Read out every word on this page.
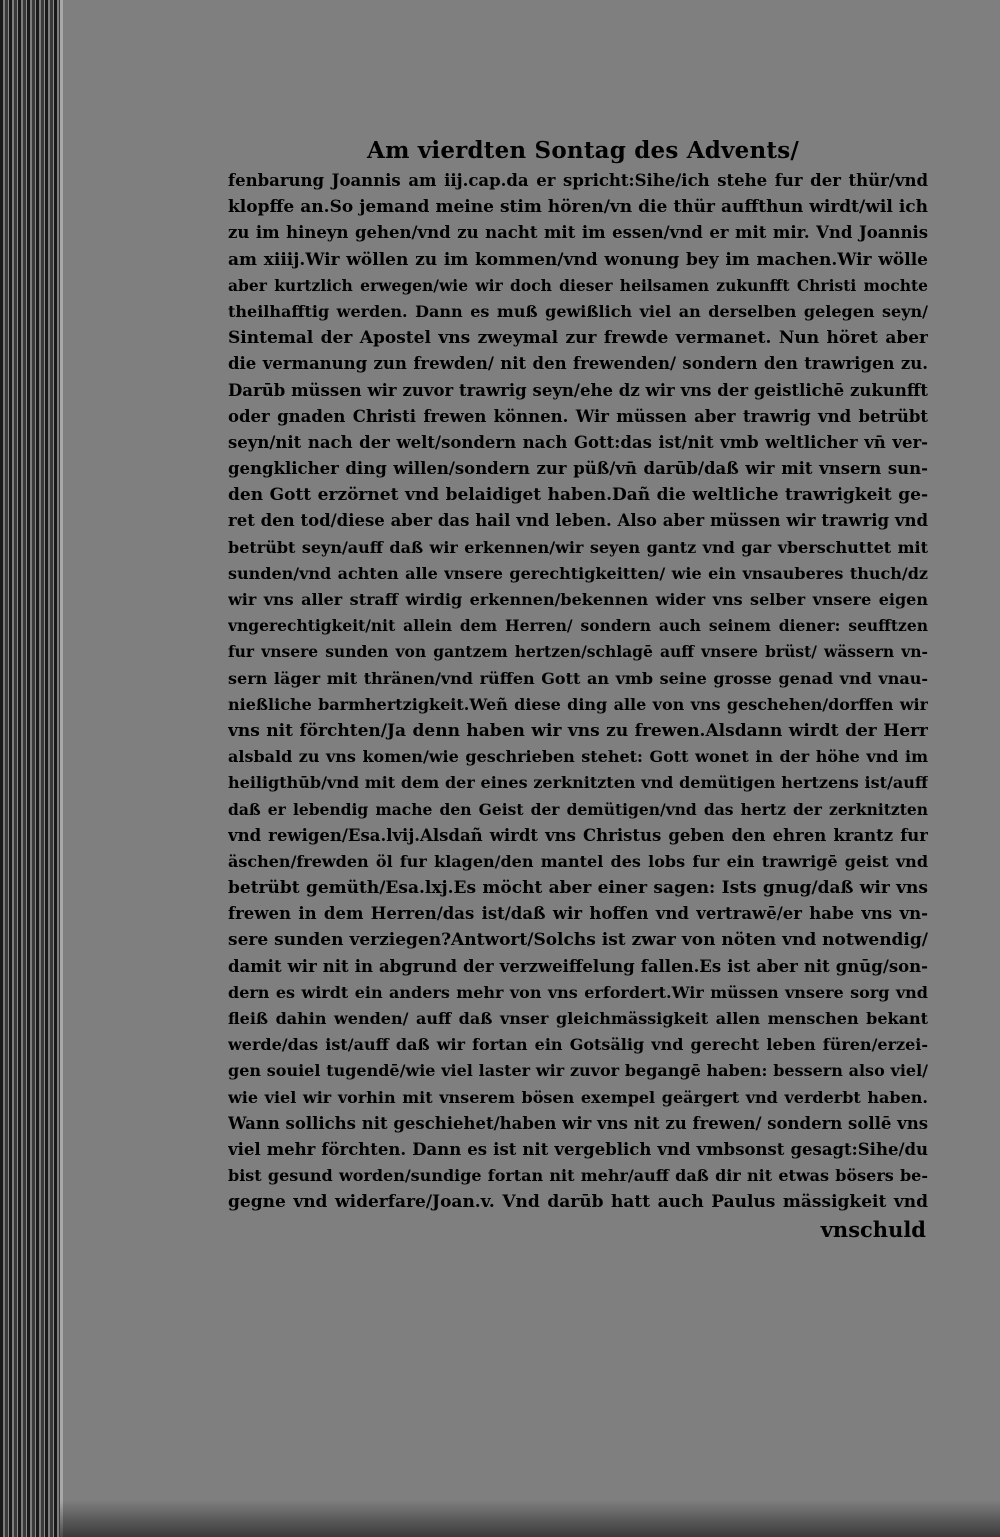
Am vierdten Sontag des Advents/
fenbarung Joannis am iij.cap.da er spricht:Sihe/ich stehe fur der thür/vnd
klopffe an.So jemand meine stim hören/vn die thür auffthun wirdt/wil ich
zu im hineyn gehen/vnd zu nacht mit im essen/vnd er mit mir. Vnd Joannis
am xiiij.Wir wöllen zu im kommen/vnd wonung bey im machen.Wir wölle
aber kurtzlich erwegen/wie wir doch dieser heilsamen zukunfft Christi mochte
theilhafftig werden. Dann es muß gewißlich viel an derselben gelegen seyn/
Sintemal der Apostel vns zweymal zur frewde vermanet. Nun höret aber
die vermanung zun frewden/ nit den frewenden/ sondern den trawrigen zu.
Darūb müssen wir zuvor trawrig seyn/ehe dz wir vns der geistlichē zukunfft
oder gnaden Christi frewen können. Wir müssen aber trawrig vnd betrübt
seyn/nit nach der welt/sondern nach Gott:das ist/nit vmb weltlicher vn̄ ver-
gengklicher ding willen/sondern zur püß/vn̄ darūb/daß wir mit vnsern sun-
den Gott erzörnet vnd belaidiget haben.Dañ die weltliche trawrigkeit ge-
ret den tod/diese aber das hail vnd leben. Also aber müssen wir trawrig vnd
betrübt seyn/auff daß wir erkennen/wir seyen gantz vnd gar vberschuttet mit
sunden/vnd achten alle vnsere gerechtigkeitten/ wie ein vnsauberes thuch/dz
wir vns aller straff wirdig erkennen/bekennen wider vns selber vnsere eigen
vngerechtigkeit/nit allein dem Herren/ sondern auch seinem diener: seufftzen
fur vnsere sunden von gantzem hertzen/schlagē auff vnsere brüst/ wässern vn-
sern läger mit thränen/vnd rüffen Gott an vmb seine grosse genad vnd vnau-
nießliche barmhertzigkeit.Weñ diese ding alle von vns geschehen/dorffen wir
vns nit förchten/Ja denn haben wir vns zu frewen.Alsdann wirdt der Herr
alsbald zu vns komen/wie geschrieben stehet: Gott wonet in der höhe vnd im
heiligthūb/vnd mit dem der eines zerknitzten vnd demütigen hertzens ist/auff
daß er lebendig mache den Geist der demütigen/vnd das hertz der zerknitzten
vnd rewigen/Esa.lvij.Alsdañ wirdt vns Christus geben den ehren krantz fur
äschen/frewden öl fur klagen/den mantel des lobs fur ein trawrigē geist vnd
betrübt gemüth/Esa.lxj.Es möcht aber einer sagen: Ists gnug/daß wir vns
frewen in dem Herren/das ist/daß wir hoffen vnd vertrawē/er habe vns vn-
sere sunden verziegen?Antwort/Solchs ist zwar von nöten vnd notwendig/
damit wir nit in abgrund der verzweiffelung fallen.Es ist aber nit gnūg/son-
dern es wirdt ein anders mehr von vns erfordert.Wir müssen vnsere sorg vnd
fleiß dahin wenden/ auff daß vnser gleichmässigkeit allen menschen bekant
werde/das ist/auff daß wir fortan ein Gotsälig vnd gerecht leben füren/erzei-
gen souiel tugendē/wie viel laster wir zuvor begangē haben: bessern also viel/
wie viel wir vorhin mit vnserem bösen exempel geärgert vnd verderbt haben.
Wann sollichs nit geschiehet/haben wir vns nit zu frewen/ sondern sollē vns
viel mehr förchten. Dann es ist nit vergeblich vnd vmbsonst gesagt:Sihe/du
bist gesund worden/sundige fortan nit mehr/auff daß dir nit etwas bösers be-
gegne vnd widerfare/Joan.v. Vnd darūb hatt auch Paulus mässigkeit vnd
vnschuld
